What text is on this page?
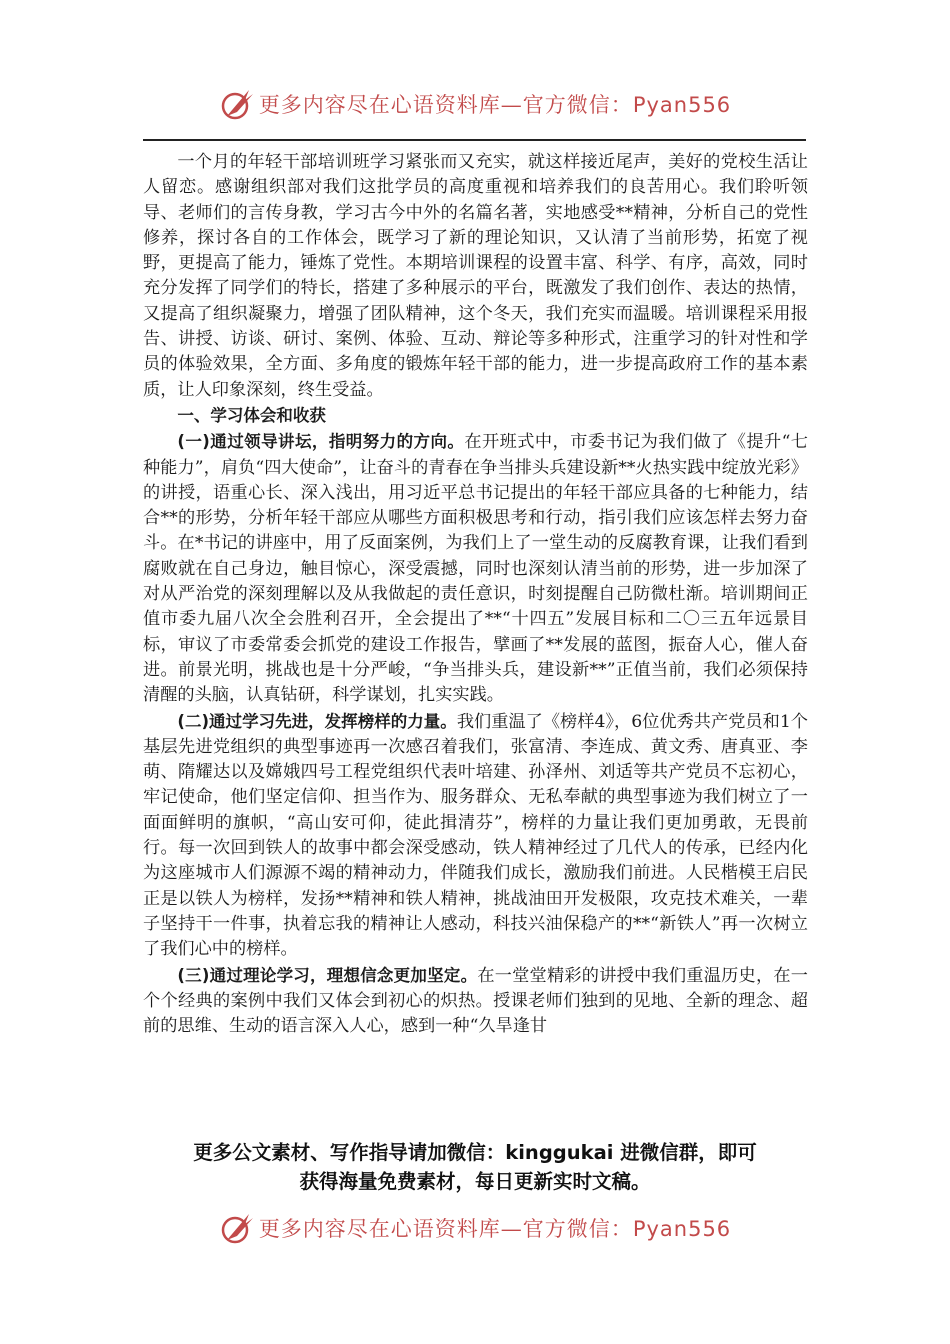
更多内容尽在心语资料库—官方微信：Pyan556

一个月的年轻干部培训班学习紧张而又充实，就这样接近尾声，美好的党校生活让人留恋。感谢组织部对我们这批学员的高度重视和培养我们的良苦用心。我们聆听领导、老师们的言传身教，学习古今中外的名篇名著，实地感受**精神，分析自己的党性修养，探讨各自的工作体会，既学习了新的理论知识，又认清了当前形势，拓宽了视野，更提高了能力，锤炼了党性。本期培训课程的设置丰富、科学、有序，高效，同时充分发挥了同学们的特长，搭建了多种展示的平台，既激发了我们创作、表达的热情，又提高了组织凝聚力，增强了团队精神，这个冬天，我们充实而温暖。培训课程采用报告、讲授、访谈、研讨、案例、体验、互动、辩论等多种形式，注重学习的针对性和学员的体验效果，全方面、多角度的锻炼年轻干部的能力，进一步提高政府工作的基本素质，让人印象深刻，终生受益。

一、学习体会和收获

(一)通过领导讲坛，指明努力的方向。在开班式中，市委书记为我们做了《提升“七种能力”，肩负“四大使命”，让奋斗的青春在争当排头兵建设新**火热实践中绽放光彩》的讲授，语重心长、深入浅出，用习近平总书记提出的年轻干部应具备的七种能力，结合**的形势，分析年轻干部应从哪些方面积极思考和行动，指引我们应该怎样去努力奋斗。在*书记的讲座中，用了反面案例，为我们上了一堂生动的反腐教育课，让我们看到腐败就在自己身边，触目惊心，深受震撼，同时也深刻认清当前的形势，进一步加深了对从严治党的深刻理解以及从我做起的责任意识，时刻提醒自己防微杜渐。培训期间正值市委九届八次全会胜利召开，全会提出了**“十四五”发展目标和二〇三五年远景目标，审议了市委常委会抓党的建设工作报告，擘画了**发展的蓝图，振奋人心，催人奋进。前景光明，挑战也是十分严峻，“争当排头兵，建设新**”正值当前，我们必须保持清醒的头脑，认真钻研，科学谋划，扎实实践。

(二)通过学习先进，发挥榜样的力量。我们重温了《榜样4》，6位优秀共产党员和1个基层先进党组织的典型事迹再一次感召着我们，张富清、李连成、黄文秀、唐真亚、李萌、隋耀达以及嫦娥四号工程党组织代表叶培建、孙泽州、刘适等共产党员不忘初心，牢记使命，他们坚定信仰、担当作为、服务群众、无私奉献的典型事迹为我们树立了一面面鲜明的旗帜，“高山安可仰，徒此揖清芬”，榜样的力量让我们更加勇敢，无畏前行。每一次回到铁人的故事中都会深受感动，铁人精神经过了几代人的传承，已经内化为这座城市人们源源不竭的精神动力，伴随我们成长，激励我们前进。人民楷模王启民正是以铁人为榜样，发扬**精神和铁人精神，挑战油田开发极限，攻克技术难关，一辈子坚持干一件事，执着忘我的精神让人感动，科技兴油保稳产的**“新铁人”再一次树立了我们心中的榜样。

(三)通过理论学习，理想信念更加坚定。在一堂堂精彩的讲授中我们重温历史，在一个个经典的案例中我们又体会到初心的炽热。授课老师们独到的见地、全新的理念、超前的思维、生动的语言深入人心，感到一种“久旱逢甘

更多公文素材、写作指导请加微信：kinggukai 进微信群，即可
获得海量免费素材，每日更新实时文稿。
更多内容尽在心语资料库—官方微信：Pyan556
